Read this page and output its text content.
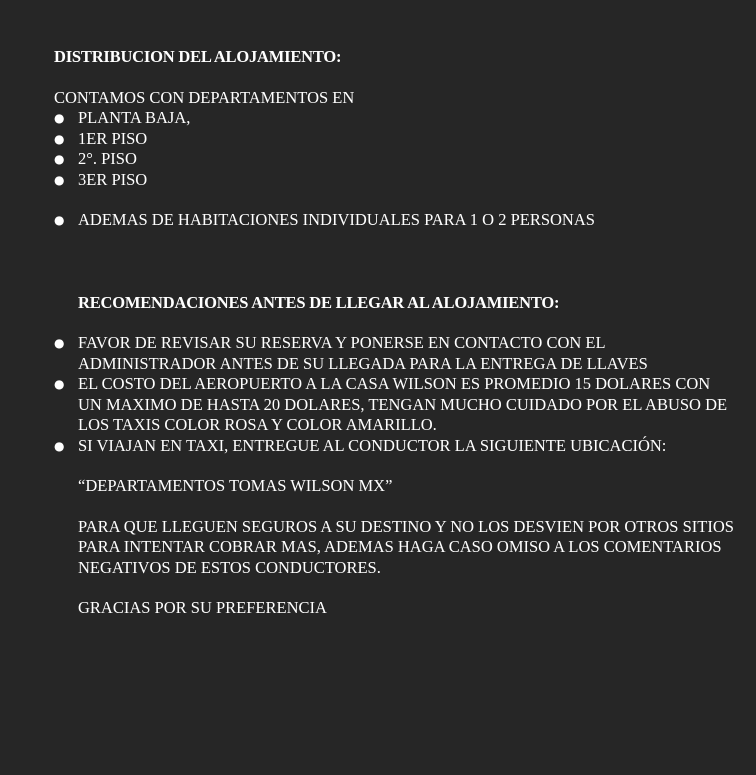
DISTRIBUCION DEL ALOJAMIENTO:

CONTAMOS CON DEPARTAMENTOS EN

● PLANTA BAJA,
● 1ER PISO
● 2°. PISO
● 3ER PISO
● ADEMAS DE HABITACIONES INDIVIDUALES PARA 1 O 2 PERSONAS

RECOMENDACIONES ANTES DE LLEGAR AL ALOJAMIENTO:

● FAVOR DE REVISAR SU RESERVA Y PONERSE EN CONTACTO CON EL ADMINISTRADOR ANTES DE SU LLEGADA PARA LA ENTREGA DE LLAVES
● EL COSTO DEL AEROPUERTO A LA CASA WILSON ES PROMEDIO 15 DOLARES CON UN MAXIMO DE HASTA 20 DOLARES, TENGAN MUCHO CUIDADO POR EL ABUSO DE LOS TAXIS COLOR ROSA Y COLOR AMARILLO.
● SI VIAJAN EN TAXI, ENTREGUE AL CONDUCTOR LA SIGUIENTE UBICACIÓN:

“DEPARTAMENTOS TOMAS WILSON MX”

PARA QUE LLEGUEN SEGUROS A SU DESTINO Y NO LOS DESVIEN POR OTROS SITIOS PARA INTENTAR COBRAR MAS, ADEMAS HAGA CASO OMISO A LOS COMENTARIOS NEGATIVOS DE ESTOS CONDUCTORES.

GRACIAS POR SU PREFERENCIA
